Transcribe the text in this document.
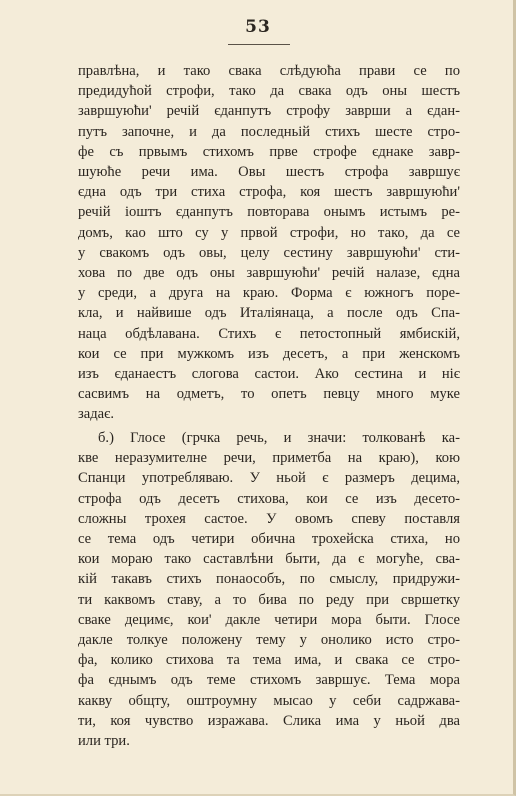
53
правлѣна, и тако свака слѣдуюћа прави се по
предидућой строфи, тако да свака одъ оны шестъ
завршуюћи' речій єданпутъ строфу заврши а єдан-
путъ започне, и да последньій стихъ шесте стро-
фе съ првымъ стихомъ прве строфе єднаке завр-
шуюће речи има. Овы шестъ строфа завршує
єдна одъ три стиха строфа, коя шестъ завршуюћи'
речій іоштъ єданпутъ повторава онымъ истымъ ре-
домъ, као што су у првой строфи, но тако, да се
у свакомъ одъ овы, целу сестину завршуюћи' сти-
хова по две одъ оны завршуюћи' речій налазе, єдна
у среди, а друга на краю. Форма є южногъ поре-
кла, и найвише одъ Италіянаца, а после одъ Спа-
наца обдѣлавана. Стихъ є петостопный ямбискій,
кои се при мужкомъ изъ десетъ, а при женскомъ
изъ єданаестъ слогова састои. Ако сестина и ніє
сасвимъ на одметъ, то опетъ певцу много муке
задає.
б.) Глосе (грчка речь, и значи: толкованѣ ка-
кве неразумителне речи, приметба на краю), кою
Спанци употребляваю. У ньой є размеръ децима,
строфа одъ десетъ стихова, кои се изъ десето-
сложны трохея састое. У овомъ спеву поставля
се тема одъ четири обична трохейска стиха, но
кои мораю тако саставлѣни быти, да є могуће, сва-
кій такавъ стихъ понаособъ, по смыслу, придружи-
ти каквомъ ставу, а то бива по реду при свршетку
сваке децимє, кои' дакле четири мора быти. Глосе
дакле толкуе положену тему у онолико исто стро-
фа, колико стихова та тема има, и свака се стро-
фа єднымъ одъ теме стихомъ завршує. Тема мора
какву общту, оштроумну мысао у себи садржава-
ти, коя чувство изражава. Слика има у ньой два
или три.
